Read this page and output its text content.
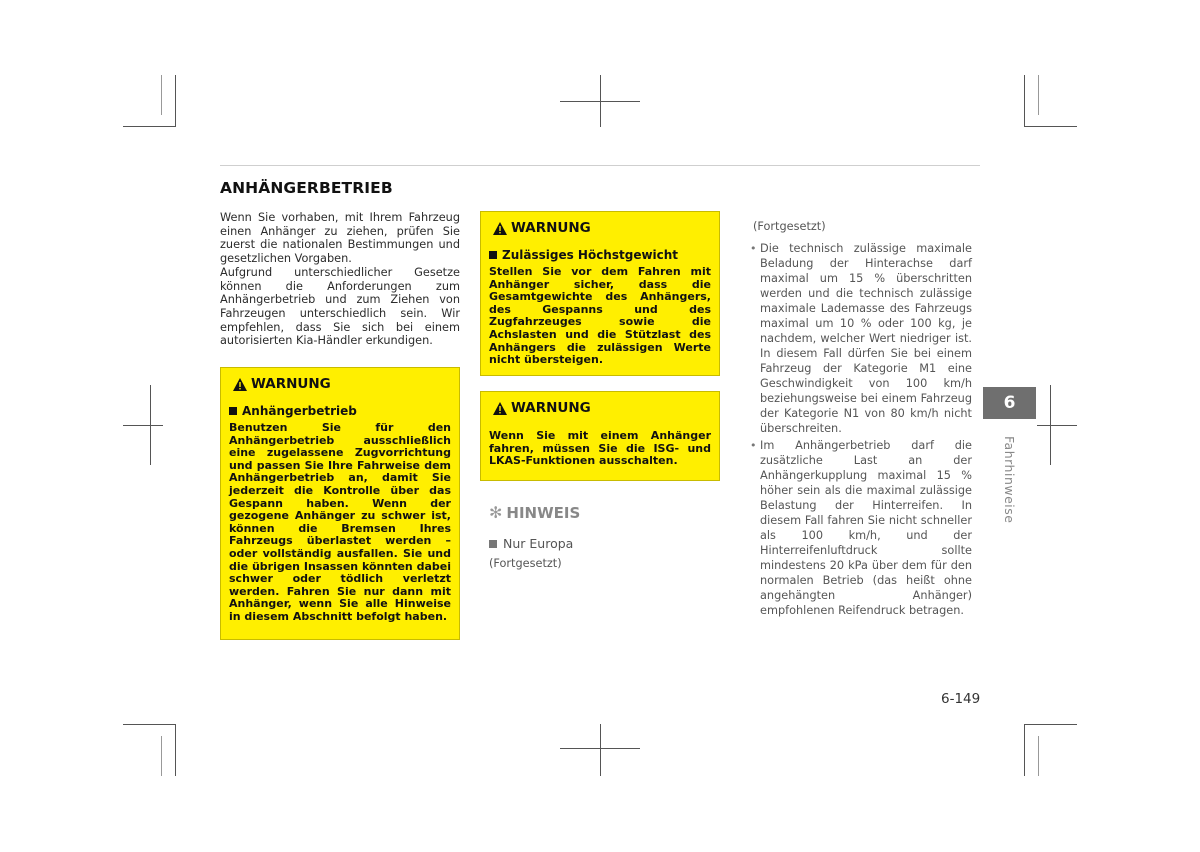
ANHÄNGERBETRIEB

Wenn Sie vorhaben, mit Ihrem Fahrzeug einen Anhänger zu ziehen, prüfen Sie zuerst die nationalen Bestimmungen und gesetzlichen Vorgaben.

Aufgrund unterschiedlicher Gesetze können die Anforderungen zum Anhängerbetrieb und zum Ziehen von Fahrzeugen unterschiedlich sein. Wir empfehlen, dass Sie sich bei einem autorisierten Kia-Händler erkundigen.

WARNUNG
Anhängerbetrieb
Benutzen Sie für den Anhängerbetrieb ausschließlich eine zugelassene Zugvorrichtung und passen Sie Ihre Fahrweise dem Anhängerbetrieb an, damit Sie jederzeit die Kontrolle über das Gespann haben. Wenn der gezogene Anhänger zu schwer ist, können die Bremsen Ihres Fahrzeugs überlastet werden – oder vollständig ausfallen. Sie und die übrigen Insassen könnten dabei schwer oder tödlich verletzt werden. Fahren Sie nur dann mit Anhänger, wenn Sie alle Hinweise in diesem Abschnitt befolgt haben.
WARNUNG
Zulässiges Höchstgewicht
Stellen Sie vor dem Fahren mit Anhänger sicher, dass die Gesamtgewichte des Anhängers, des Gespanns und des Zugfahrzeuges sowie die Achslasten und die Stützlast des Anhängers die zulässigen Werte nicht übersteigen.
WARNUNG
Wenn Sie mit einem Anhänger fahren, müssen Sie die ISG- und LKAS-Funktionen ausschalten.
✻ HINWEIS
Nur Europa
(Fortgesetzt)
(Fortgesetzt)
• Die technisch zulässige maximale Beladung der Hinterachse darf maximal um 15 % überschritten werden und die technisch zulässige maximale Lademasse des Fahrzeugs maximal um 10 % oder 100 kg, je nachdem, welcher Wert niedriger ist. In diesem Fall dürfen Sie bei einem Fahrzeug der Kategorie M1 eine Geschwindigkeit von 100 km/h beziehungsweise bei einem Fahrzeug der Kategorie N1 von 80 km/h nicht überschreiten.
• Im Anhängerbetrieb darf die zusätzliche Last an der Anhängerkupplung maximal 15 % höher sein als die maximal zulässige Belastung der Hinterreifen. In diesem Fall fahren Sie nicht schneller als 100 km/h, und der Hinterreifenluftdruck sollte mindestens 20 kPa über dem für den normalen Betrieb (das heißt ohne angehängten Anhänger) empfohlenen Reifendruck betragen.
6
Fahrhinweise
6-149
